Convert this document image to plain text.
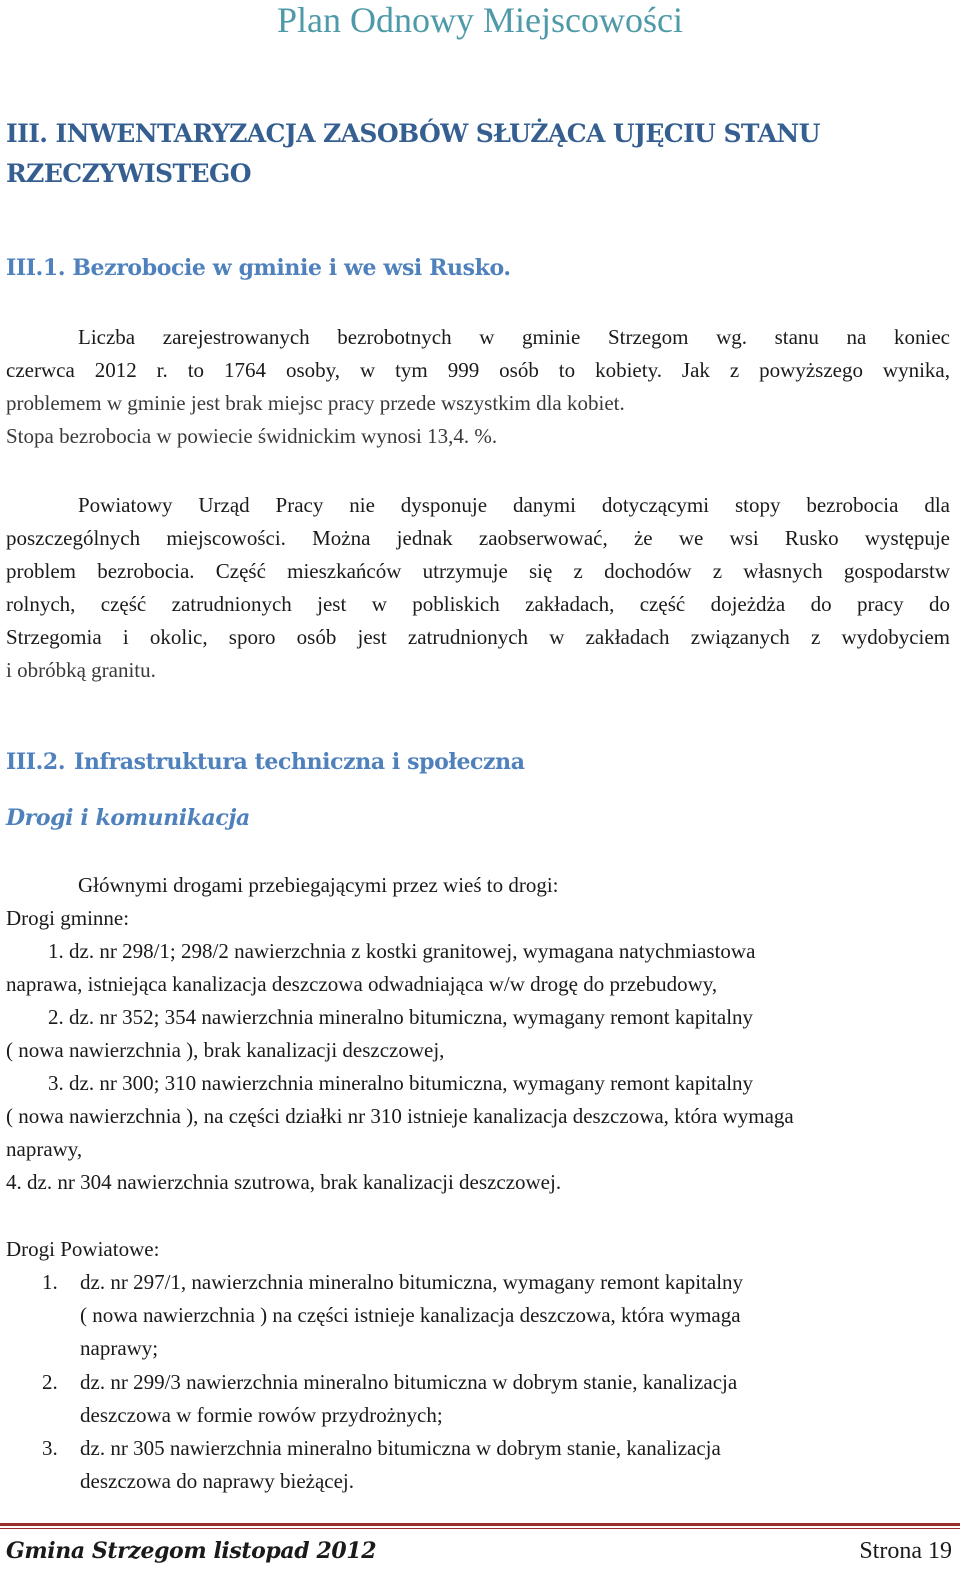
Plan Odnowy Miejscowości
III. INWENTARYZACJA ZASOBÓW SŁUŻĄCA UJĘCIU STANU
RZECZYWISTEGO
III.1. Bezrobocie w gminie i we wsi Rusko.
Liczba zarejestrowanych bezrobotnych w gminie Strzegom wg. stanu na koniec
czerwca 2012 r. to 1764 osoby, w tym 999 osób to kobiety. Jak z powyższego wynika,
problemem w gminie jest brak miejsc pracy przede wszystkim dla kobiet.
Stopa bezrobocia w powiecie świdnickim wynosi 13,4. %.
Powiatowy Urząd Pracy nie dysponuje danymi dotyczącymi stopy bezrobocia dla
poszczególnych miejscowości. Można jednak zaobserwować, że we wsi Rusko występuje
problem bezrobocia. Część mieszkańców utrzymuje się z dochodów z własnych gospodarstw
rolnych, część zatrudnionych jest w pobliskich zakładach, część dojeżdża do pracy do
Strzegomia i okolic, sporo osób jest zatrudnionych w zakładach związanych z wydobyciem
i obróbką granitu.
III.2. Infrastruktura techniczna i społeczna
Drogi i komunikacja
Głównymi drogami przebiegającymi przez wieś to drogi:
Drogi gminne:
1. dz. nr 298/1; 298/2 nawierzchnia z kostki granitowej, wymagana natychmiastowa
naprawa, istniejąca kanalizacja deszczowa odwadniająca w/w drogę do przebudowy,
2. dz. nr 352; 354 nawierzchnia mineralno bitumiczna, wymagany remont kapitalny
( nowa nawierzchnia ), brak kanalizacji deszczowej,
3. dz. nr 300; 310 nawierzchnia mineralno bitumiczna, wymagany remont kapitalny
( nowa nawierzchnia ), na części działki nr 310 istnieje kanalizacja deszczowa, która wymaga
naprawy,
4. dz. nr 304 nawierzchnia szutrowa, brak kanalizacji deszczowej.
Drogi Powiatowe:
1. dz. nr 297/1, nawierzchnia mineralno bitumiczna, wymagany remont kapitalny
( nowa nawierzchnia ) na części istnieje kanalizacja deszczowa, która wymaga
naprawy;
2. dz. nr 299/3 nawierzchnia mineralno bitumiczna w dobrym stanie, kanalizacja
deszczowa w formie rowów przydrożnych;
3. dz. nr 305 nawierzchnia mineralno bitumiczna w dobrym stanie, kanalizacja
deszczowa do naprawy bieżącej.
Gmina Strzegom listopad 2012	Strona 19
